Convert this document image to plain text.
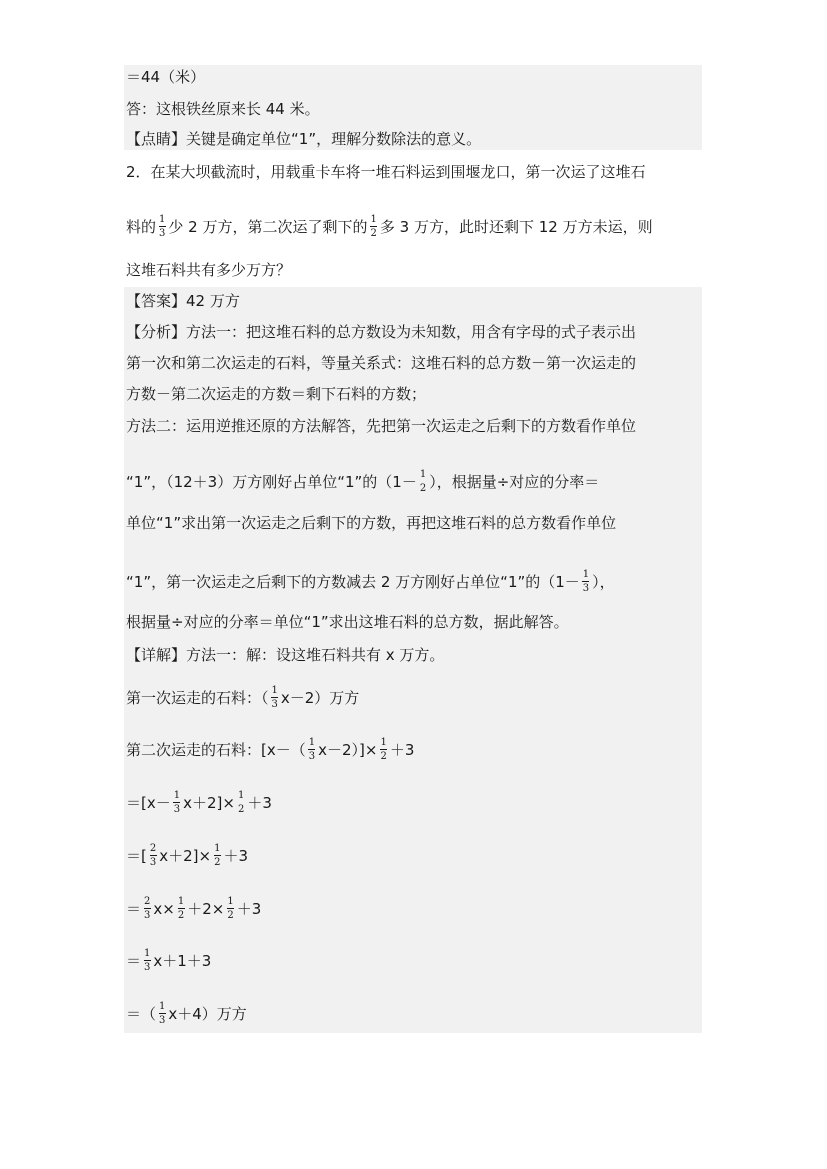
＝44（米）
答：这根铁丝原来长 44 米。
【点睛】关键是确定单位“1”，理解分数除法的意义。
2．在某大坝截流时，用载重卡车将一堆石料运到围堰龙口，第一次运了这堆石
料的 $\frac{1}{3}$ 少 2 万方，第二次运了剩下的 $\frac{1}{2}$ 多 3 万方，此时还剩下 12 万方未运，则
这堆石料共有多少万方？
【答案】42 万方
【分析】方法一：把这堆石料的总方数设为未知数，用含有字母的式子表示出
第一次和第二次运走的石料，等量关系式：这堆石料的总方数－第一次运走的
方数－第二次运走的方数＝剩下石料的方数；
方法二：运用逆推还原的方法解答，先把第一次运走之后剩下的方数看作单位
“1”，（12＋3）万方刚好占单位“1”的（1－ 1
2 ），根据量÷对应的分率＝
单位“1”求出第一次运走之后剩下的方数，再把这堆石料的总方数看作单位
“1”，第一次运走之后剩下的方数减去 2 万方刚好占单位“1”的（$1- \frac{1}{3}$ ），
根据量÷对应的分率＝单位“1”求出这堆石料的总方数，据此解答。
【详解】方法一：解：设这堆石料共有 x 万方。
第一次运走的石料：（ $\frac{1}{3} x-2$）万方
第二次运走的石料：$[x-( \frac{1}{3} x-2)]\times \frac{1}{2} +3$
$=[x- \frac{1}{3} x+2]\times 1$
2 ＋3
＝[ $\frac{2}{3} x+2]\times \frac{1}{2} +3$
＝ $\frac{2}{3} x\times \frac{1}{2} +2\times \frac{1}{2} +3$
＝ $\frac{1}{3} x+1+3$
＝（ $\frac{1}{3} x+4$）万方
